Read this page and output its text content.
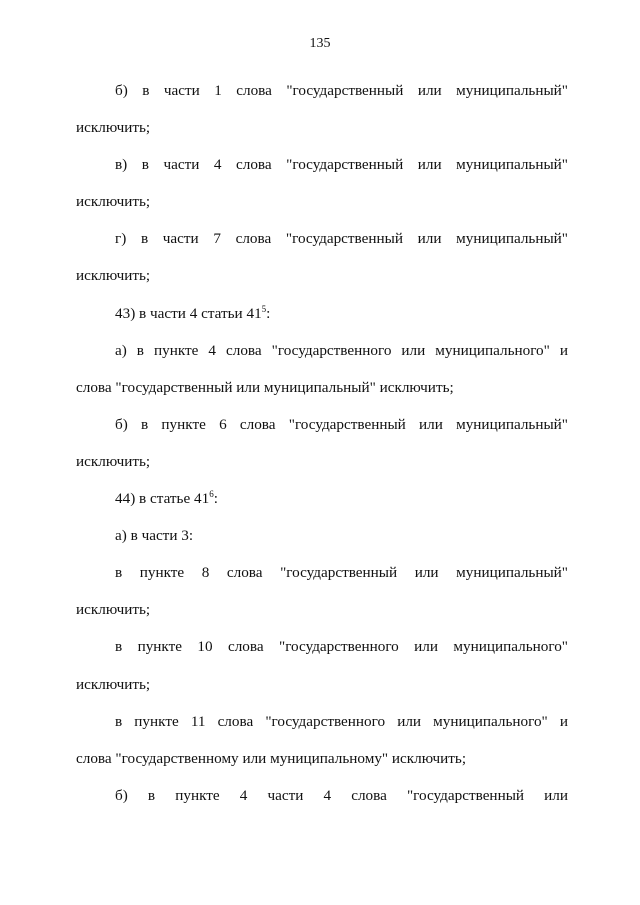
135
б) в части 1 слова "государственный или муниципальный"
исключить;
в) в части 4 слова "государственный или муниципальный"
исключить;
г) в части 7 слова "государственный или муниципальный"
исключить;
43) в части 4 статьи $41^5$:
а) в пункте 4 слова "государственного или муниципального" и
слова "государственный или муниципальный" исключить;
б) в пункте 6 слова "государственный или муниципальный"
исключить;
44) в статье $41^6$:
а) в части 3:
в пункте 8 слова "государственный или муниципальный"
исключить;
в пункте 10 слова "государственного или муниципального"
исключить;
в пункте 11 слова "государственного или муниципального" и
слова "государственному или муниципальному" исключить;
б) в пункте 4 части 4 слова "государственный или
